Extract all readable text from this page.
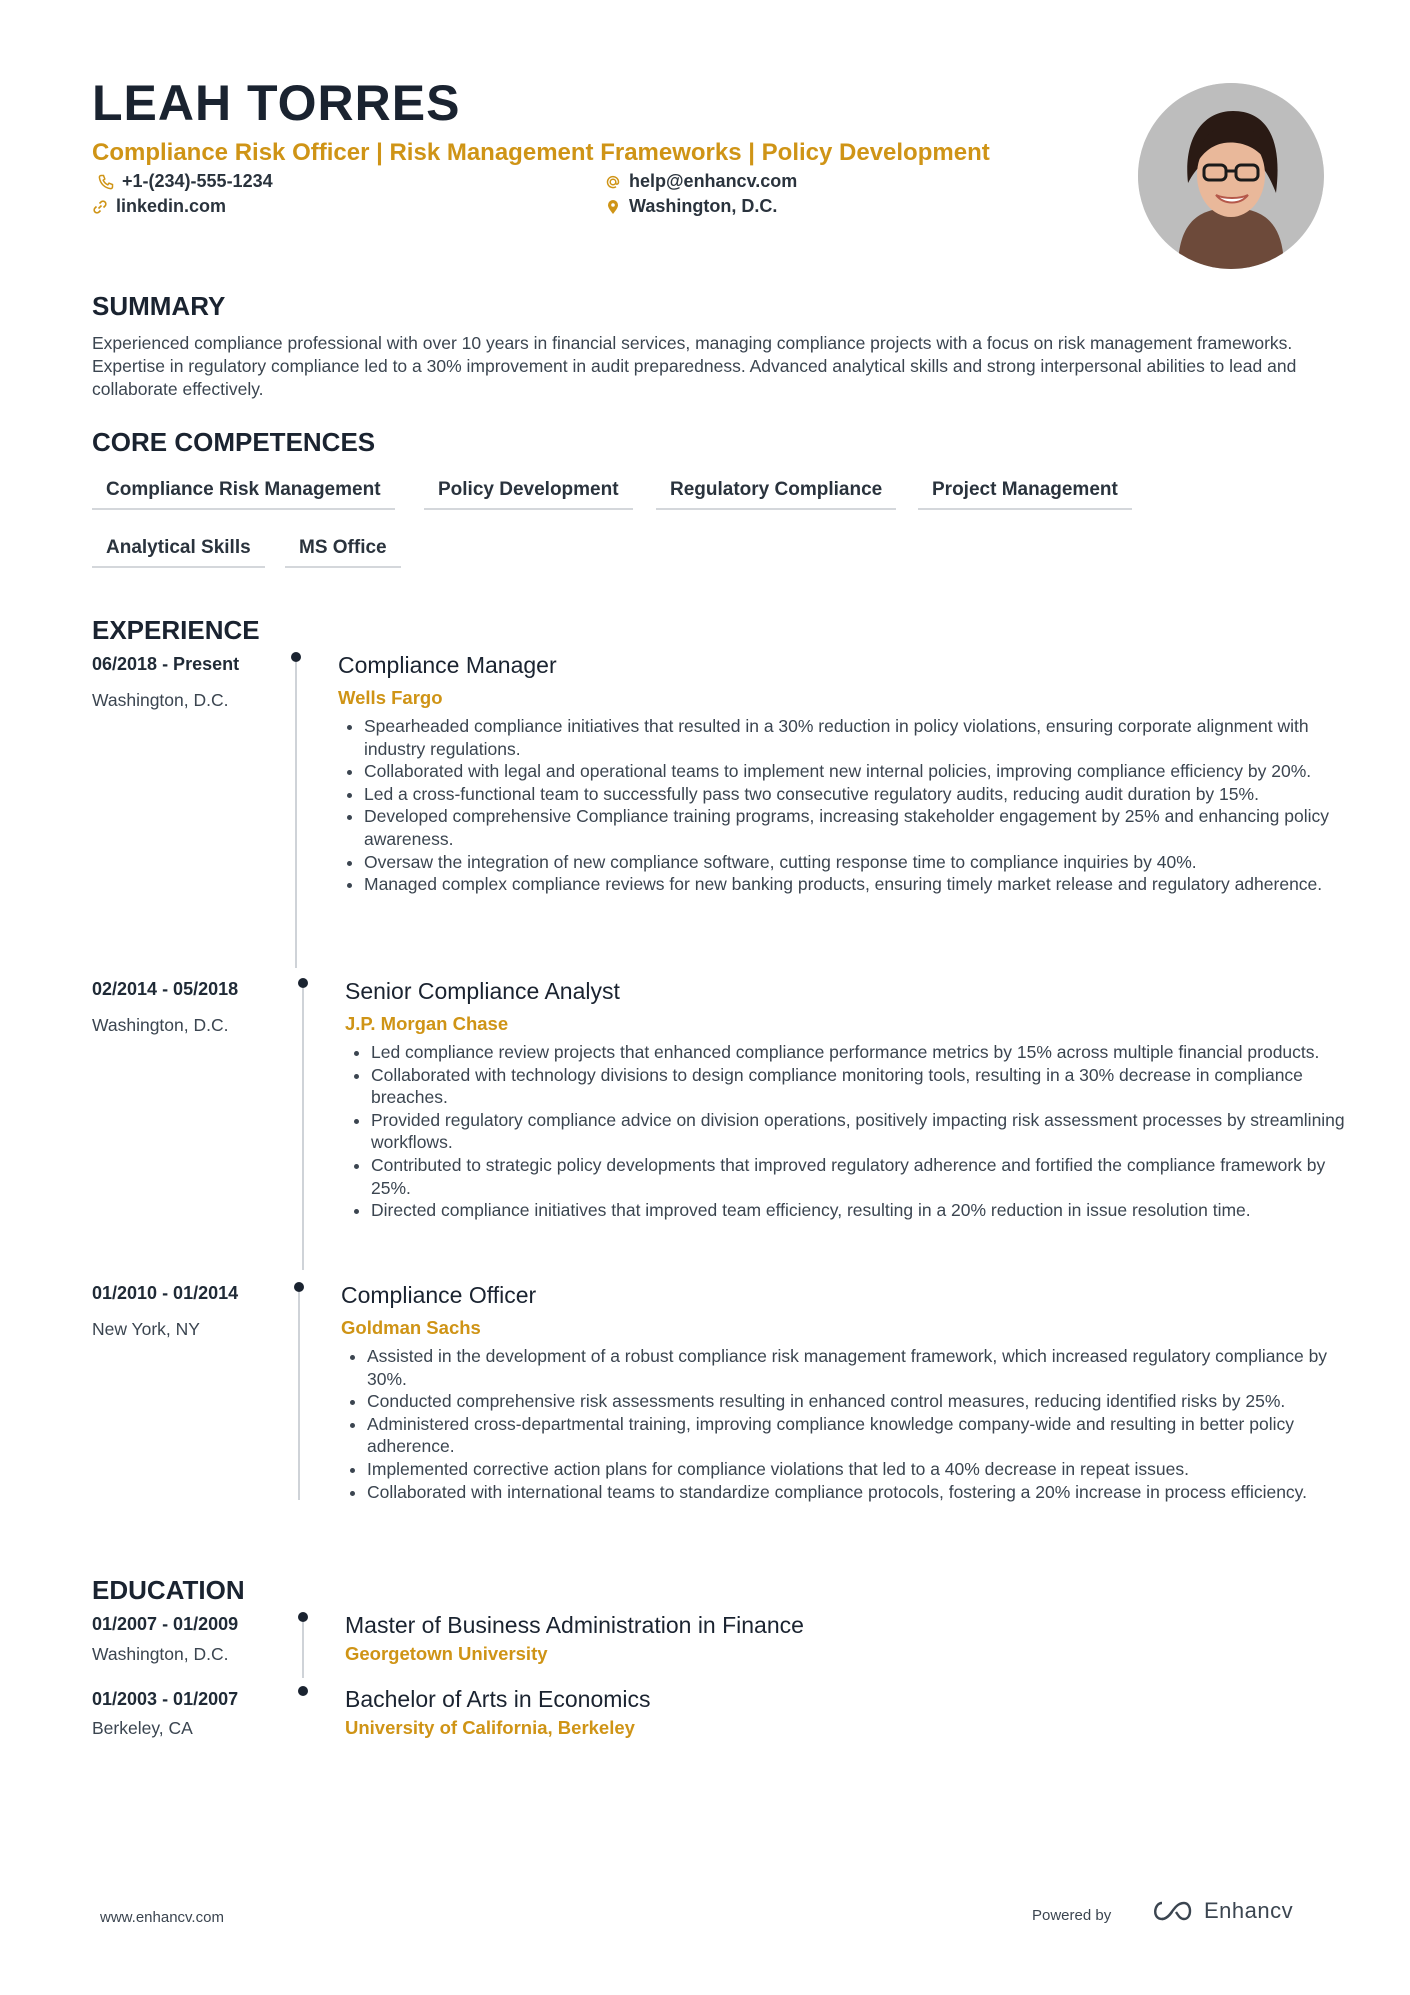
LEAH TORRES
Compliance Risk Officer | Risk Management Frameworks | Policy Development
+1-(234)-555-1234	help@enhancv.com
linkedin.com	Washington, D.C.
SUMMARY

Experienced compliance professional with over 10 years in financial services, managing compliance projects with a focus on risk management frameworks. Expertise in regulatory compliance led to a 30% improvement in audit preparedness. Advanced analytical skills and strong interpersonal abilities to lead and collaborate effectively.

CORE COMPETENCES
Compliance Risk Management	Policy Development	Regulatory Compliance	Project Management
Analytical Skills	MS Office
EXPERIENCE
06/2018 - Present
Washington, D.C.
Compliance Manager
Wells Fargo
• Spearheaded compliance initiatives that resulted in a 30% reduction in policy violations, ensuring corporate alignment with industry regulations.
• Collaborated with legal and operational teams to implement new internal policies, improving compliance efficiency by 20%.
• Led a cross-functional team to successfully pass two consecutive regulatory audits, reducing audit duration by 15%.
• Developed comprehensive Compliance training programs, increasing stakeholder engagement by 25% and enhancing policy awareness.
• Oversaw the integration of new compliance software, cutting response time to compliance inquiries by 40%.
• Managed complex compliance reviews for new banking products, ensuring timely market release and regulatory adherence.
02/2014 - 05/2018
Washington, D.C.
Senior Compliance Analyst
J.P. Morgan Chase
• Led compliance review projects that enhanced compliance performance metrics by 15% across multiple financial products.
• Collaborated with technology divisions to design compliance monitoring tools, resulting in a 30% decrease in compliance breaches.
• Provided regulatory compliance advice on division operations, positively impacting risk assessment processes by streamlining workflows.
• Contributed to strategic policy developments that improved regulatory adherence and fortified the compliance framework by 25%.
• Directed compliance initiatives that improved team efficiency, resulting in a 20% reduction in issue resolution time.
01/2010 - 01/2014
New York, NY
Compliance Officer
Goldman Sachs
• Assisted in the development of a robust compliance risk management framework, which increased regulatory compliance by 30%.
• Conducted comprehensive risk assessments resulting in enhanced control measures, reducing identified risks by 25%.
• Administered cross-departmental training, improving compliance knowledge company-wide and resulting in better policy adherence.
• Implemented corrective action plans for compliance violations that led to a 40% decrease in repeat issues.
• Collaborated with international teams to standardize compliance protocols, fostering a 20% increase in process efficiency.
EDUCATION
01/2007 - 01/2009
Washington, D.C.
Master of Business Administration in Finance
Georgetown University
01/2003 - 01/2007
Berkeley, CA
Bachelor of Arts in Economics
University of California, Berkeley
www.enhancv.com	Powered by	Enhancv
